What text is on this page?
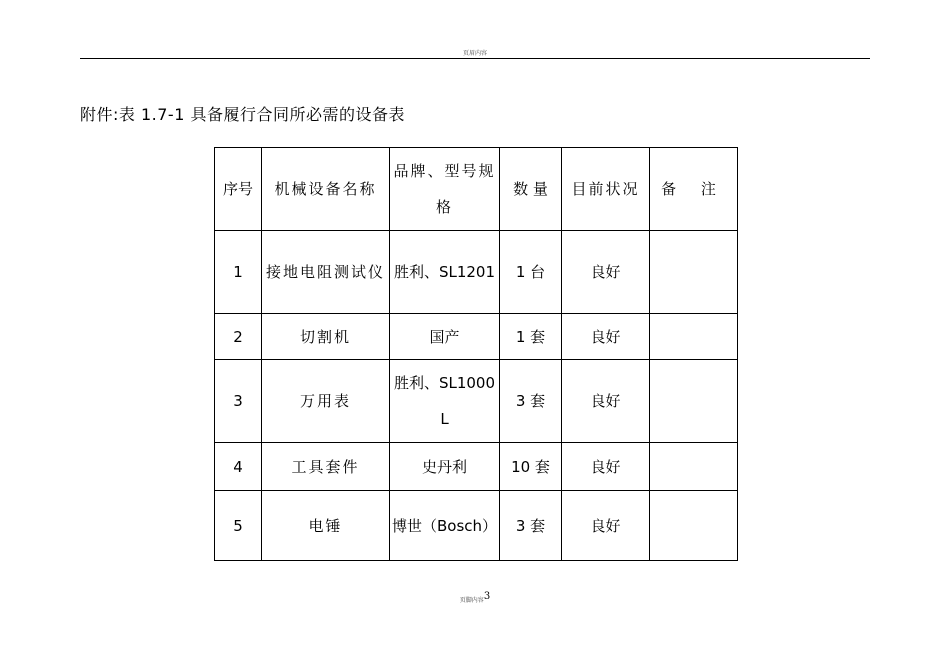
页眉内容
附件:表 1.7-1 具备履行合同所必需的设备表
序号	机械设备名称	品牌、型号规格	数 量	目前状况	备 注
1	接地电阻测试仪	胜利、SL1201	1 台	良好	
2	切割机	国产	1 套	良好	
3	万用表	胜利、SL1000L	3 套	良好	
4	工具套件	史丹利	10 套	良好	
5	电锤	博世（Bosch）	3 套	良好	
页脚内容3
